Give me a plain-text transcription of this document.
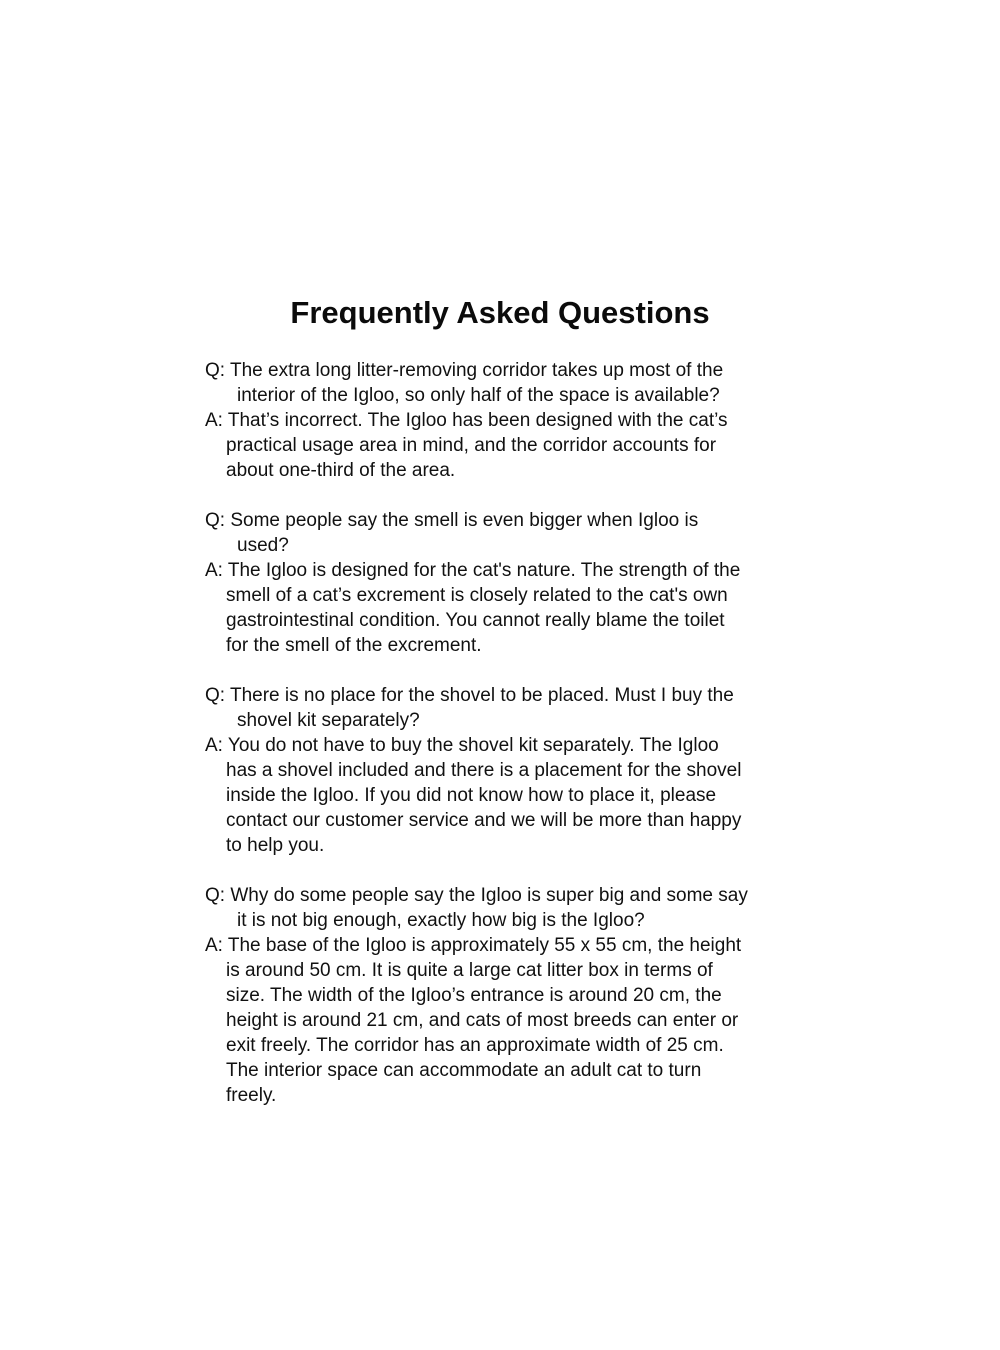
Frequently Asked Questions
Q: The extra long litter-removing corridor takes up most of the
interior of the Igloo, so only half of the space is available?
A: That’s incorrect. The Igloo has been designed with the cat’s
practical usage area in mind, and the corridor accounts for
about one-third of the area.
Q: Some people say the smell is even bigger when Igloo is
used?
A: The Igloo is designed for the cat's nature. The strength of the
smell of a cat’s excrement is closely related to the cat's own
gastrointestinal condition. You cannot really blame the toilet
for the smell of the excrement.
Q: There is no place for the shovel to be placed. Must I buy the
shovel kit separately?
A: You do not have to buy the shovel kit separately. The Igloo
has a shovel included and there is a placement for the shovel
inside the Igloo. If you did not know how to place it, please
contact our customer service and we will be more than happy
to help you.
Q: Why do some people say the Igloo is super big and some say
it is not big enough, exactly how big is the Igloo?
A: The base of the Igloo is approximately 55 x 55 cm, the height
is around 50 cm. It is quite a large cat litter box in terms of
size. The width of the Igloo’s entrance is around 20 cm, the
height is around 21 cm, and cats of most breeds can enter or
exit freely. The corridor has an approximate width of 25 cm.
The interior space can accommodate an adult cat to turn
freely.
